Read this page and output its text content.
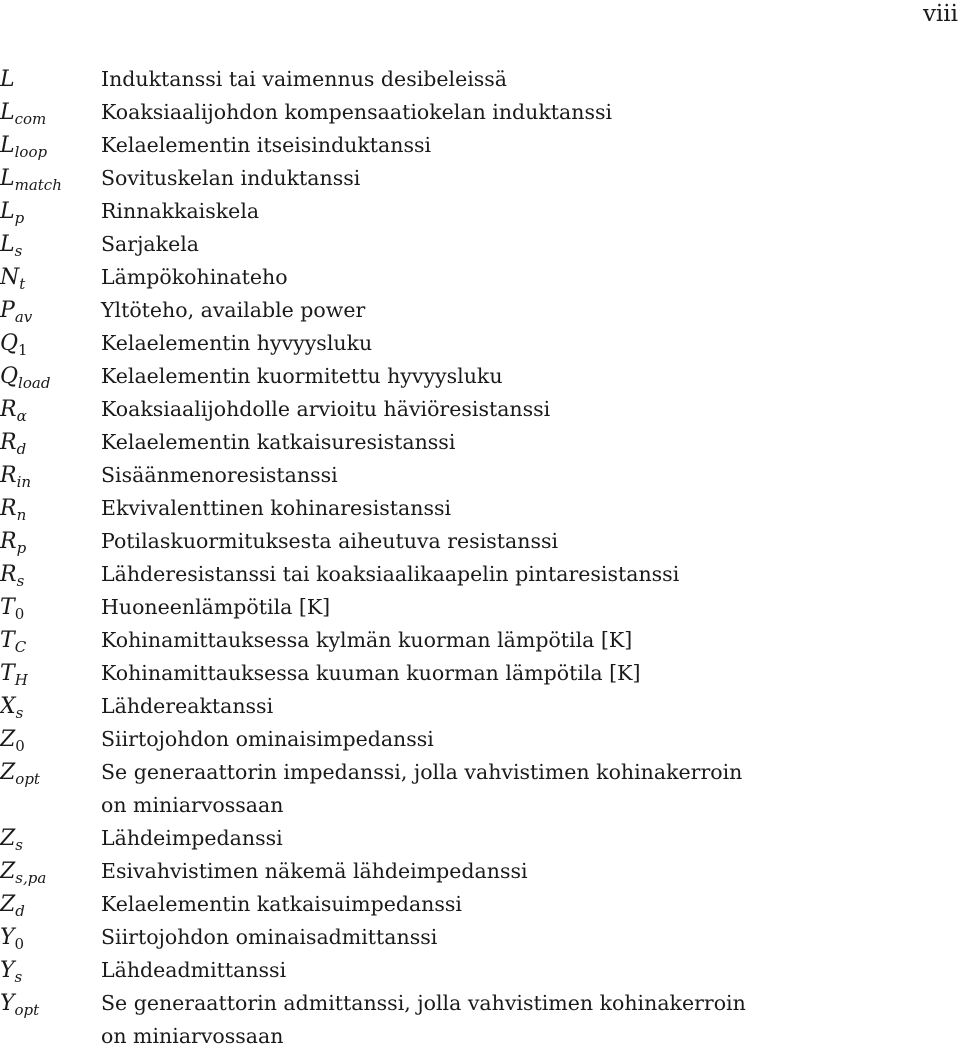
viii
L	Induktanssi tai vaimennus desibeleissä
$L_{com}$	Koaksiaalijohdon kompensaatiokelan induktanssi
$L_{loop}$	Kelaelementin itseisinduktanssi
$L_{match}$	Sovituskelan induktanssi
$L_p$	Rinnakkaiskela
$L_s$	Sarjakela
$N_t$	Lämpökohinateho
$P_{av}$	Yltöteho, available power
$Q_1$	Kelaelementin hyvyysluku
$Q_{load}$	Kelaelementin kuormitettu hyvyysluku
$R_\alpha$	Koaksiaalijohdolle arvioitu häviöresistanssi
$R_d$	Kelaelementin katkaisuresistanssi
$R_{in}$	Sisäänmenoresistanssi
$R_n$	Ekvivalenttinen kohinaresistanssi
$R_p$	Potilaskuormituksesta aiheutuva resistanssi
$R_s$	Lähderesistanssi tai koaksiaalikaapelin pintaresistanssi
$T_0$	Huoneenlämpötila [K]
$T_C$	Kohinamittauksessa kylmän kuorman lämpötila [K]
$T_H$	Kohinamittauksessa kuuman kuorman lämpötila [K]
$X_s$	Lähdereaktanssi
$Z_0$	Siirtojohdon ominaisimpedanssi
$Z_{opt}$	Se generaattorin impedanssi, jolla vahvistimen kohinakerroin
on miniarvossaan
$Z_s$	Lähdeimpedanssi
$Z_{s,pa}$	Esivahvistimen näkemä lähdeimpedanssi
$Z_d$	Kelaelementin katkaisuimpedanssi
$Y_0$	Siirtojohdon ominaisadmittanssi
$Y_s$	Lähdeadmittanssi
$Y_{opt}$	Se generaattorin admittanssi, jolla vahvistimen kohinakerroin
on miniarvossaan
